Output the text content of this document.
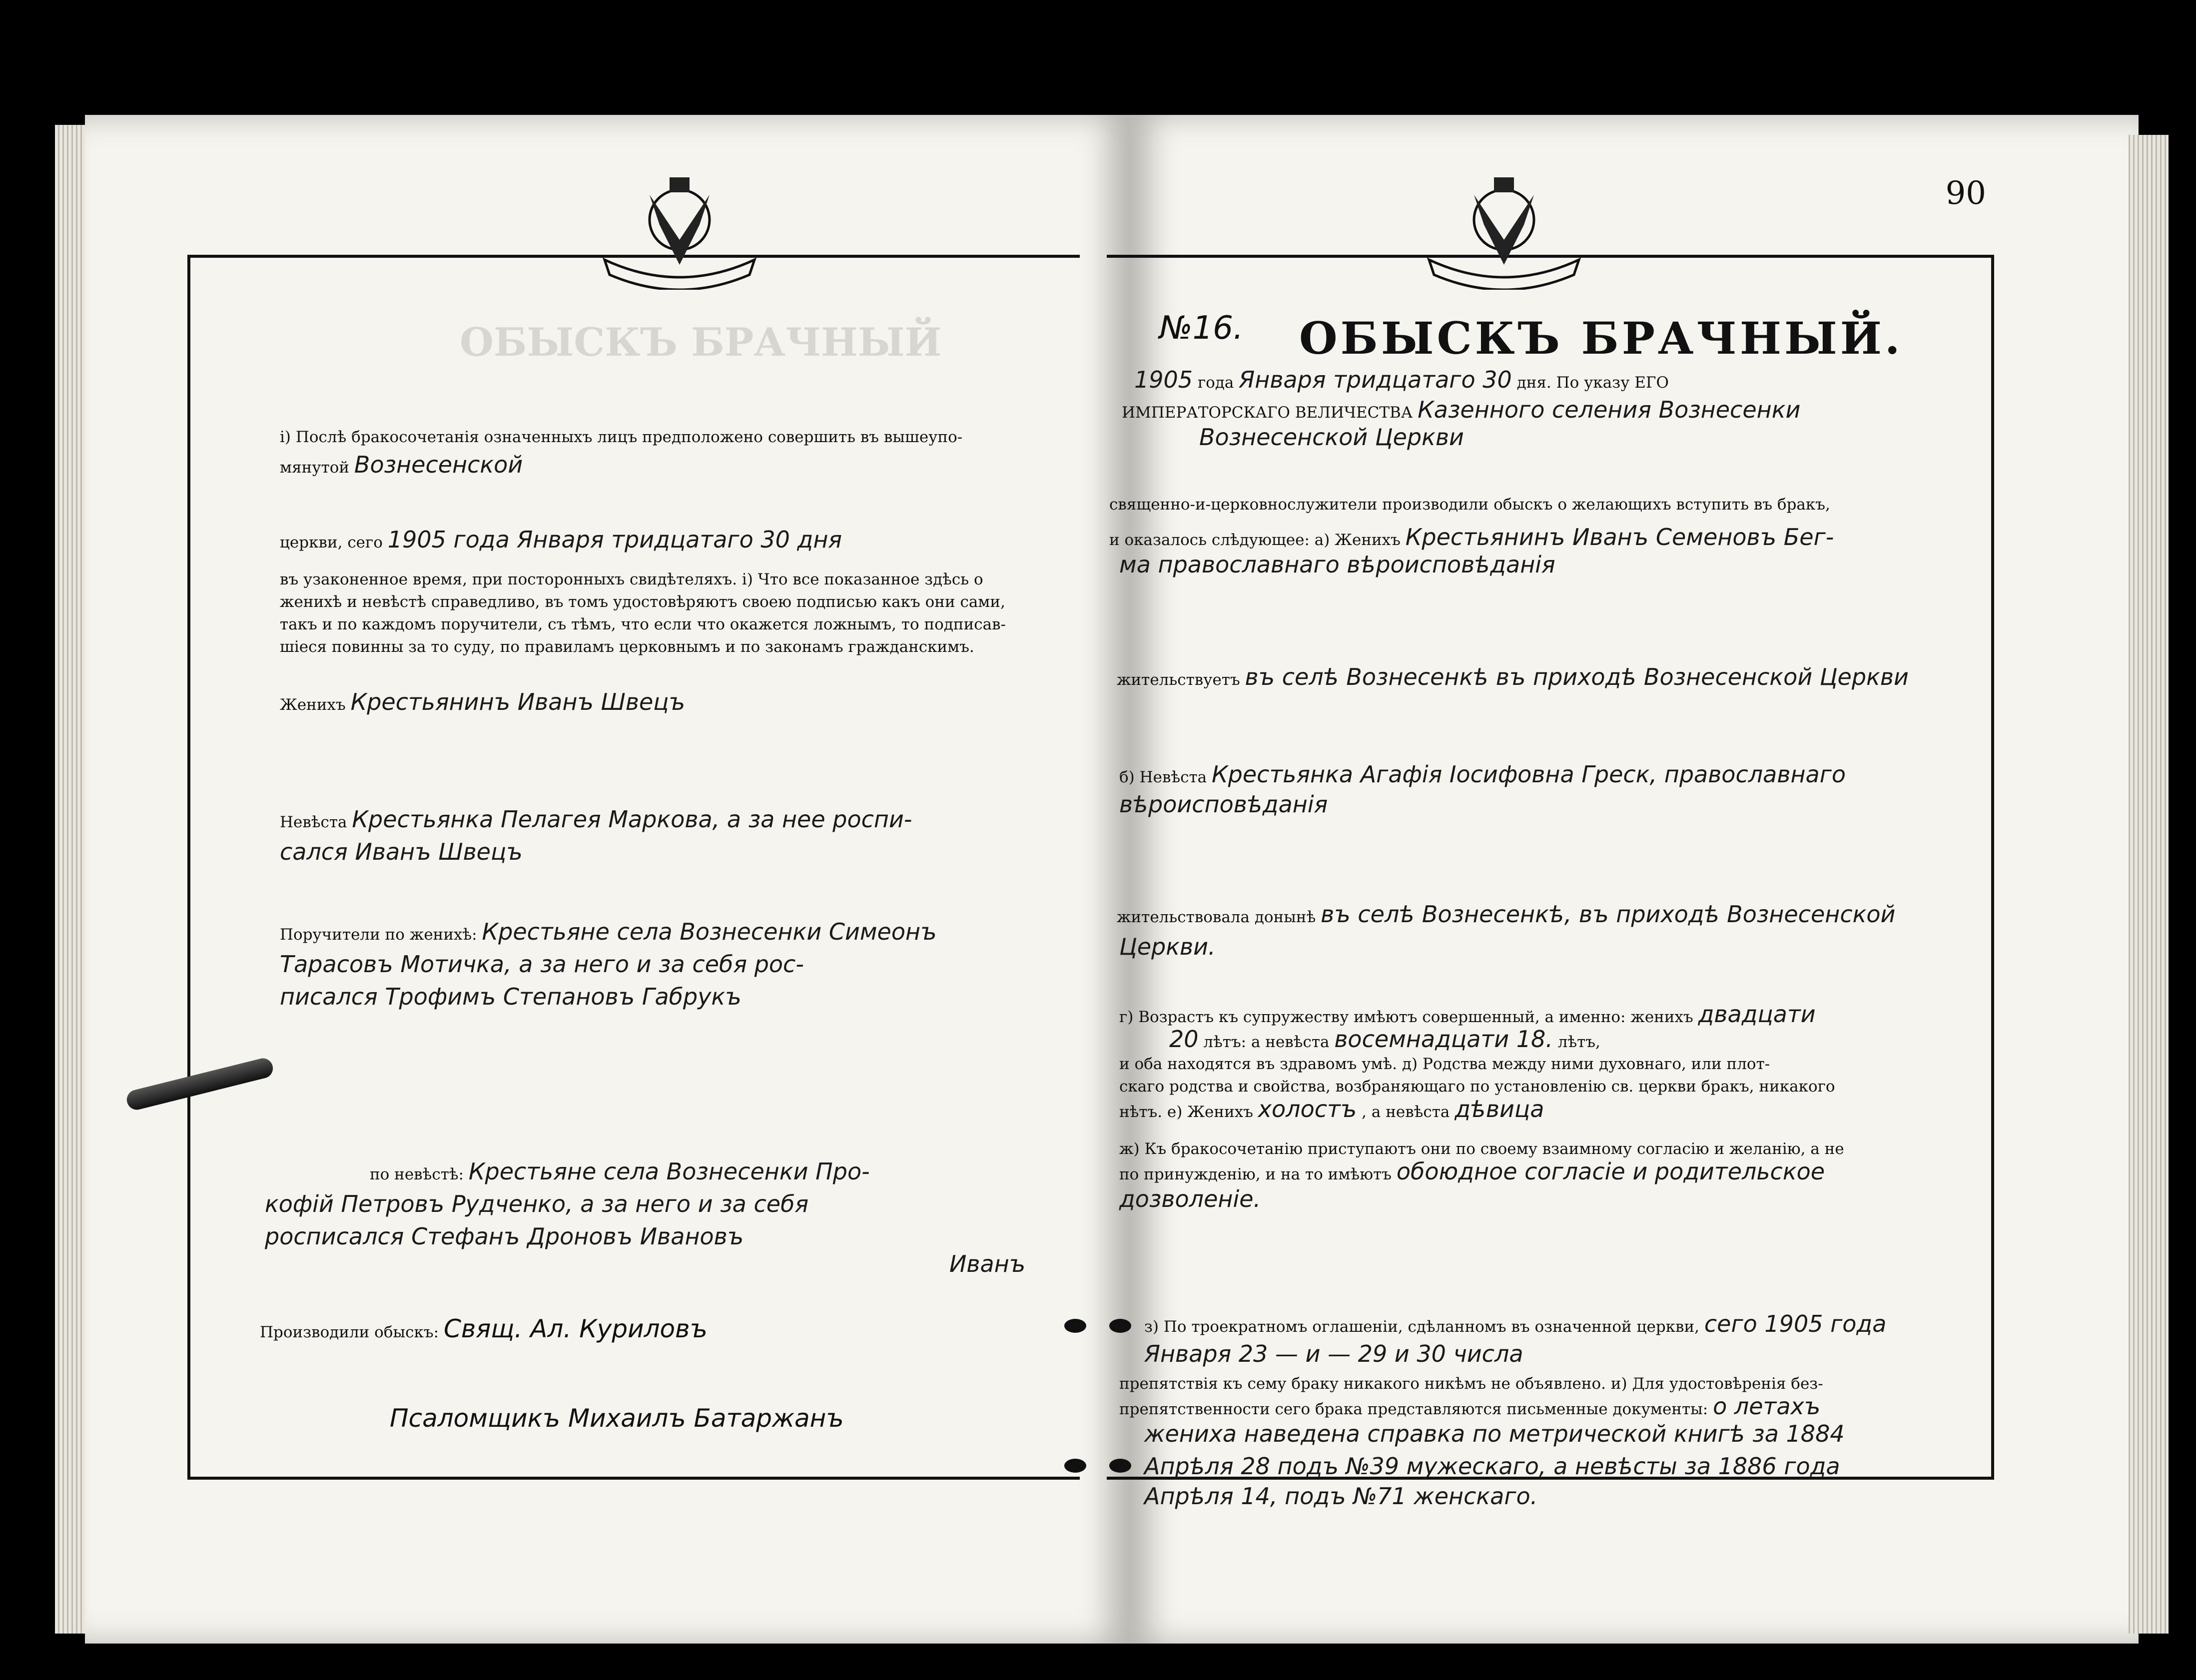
90
ОБЫСКЪ БРАЧНЫЙ	№16. ОБЫСКЪ БРАЧНЫЙ.
1905 года Января тридцатаго 30 дня. По указу ЕГО
ИМПЕРАТОРСКАГО ВЕЛИЧЕСТВА Казенного селения Вознесенки
Вознесенской Церкви
священно-и-церковнослужители производили обыскъ о желающихъ вступить въ бракъ,
и оказалось слѣдующее: а) Женихъ Крестьянинъ Иванъ Семеновъ Бег-
ма православнаго вѣроисповѣданія
жительствуетъ въ селѣ Вознесенкѣ въ приходѣ Вознесенской Церкви
б) Невѣста Крестьянка Агафія Іосифовна Греск, православнаго
вѣроисповѣданія
жительствовала донынѣ въ селѣ Вознесенкѣ, въ приходѣ Вознесенской
Церкви.
г) Возрастъ къ супружеству имѣютъ совершенный, а именно: женихъ двадцати
20 лѣтъ: а невѣста восемнадцати 18. лѣтъ,
и оба находятся въ здравомъ умѣ. д) Родства между ними духовнаго, или плот-
скаго родства и свойства, возбраняющаго по установленію св. церкви бракъ, никакого
нѣтъ. е) Женихъ холостъ , а невѣста дѣвица
ж) Къ бракосочетанію приступаютъ они по своему взаимному согласію и желанію, а не
по принужденію, и на то имѣютъ обоюдное согласіе и родительское
дозволеніе.
з) По троекратномъ оглашеніи, сдѣланномъ въ означенной церкви, сего 1905 года
Января 23 — и — 29 и 30 числа
препятствія къ сему браку никакого никѣмъ не объявлено. и) Для удостовѣренія без-
препятственности сего брака представляются письменные документы: о летахъ
жениха наведена справка по метрической книгѣ за 1884
Апрѣля 28 подъ №39 мужескаго, а невѣсты за 1886 года
Апрѣля 14, подъ №71 женскаго.
і) Послѣ бракосочетанія означенныхъ лицъ предположено совершить въ вышеупо-
мянутой Вознесенской
церкви, сего 1905 года Января тридцатаго 30 дня
въ узаконенное время, при посторонныхъ свидѣтеляхъ. і) Что все показанное здѣсь о
женихѣ и невѣстѣ справедливо, въ томъ удостовѣряютъ своею подписью какъ они сами,
такъ и по каждомъ поручители, съ тѣмъ, что если что окажется ложнымъ, то подписав-
шіеся повинны за то суду, по правиламъ церковнымъ и по законамъ гражданскимъ.
Женихъ Крестьянинъ Иванъ Швецъ
Невѣста Крестьянка Пелагея Маркова, а за нее роспи-
сался Иванъ Швецъ
Поручители по женихѣ: Крестьяне села Вознесенки Симеонъ
Тарасовъ Мотичка, а за него и за себя рос-
писался Трофимъ Степановъ Габрукъ
по невѣстѣ: Крестьяне села Вознесенки Про-
кофій Петровъ Рудченко, а за него и за себя
росписался Стефанъ Дроновъ Ивановъ
Иванъ
Производили обыскъ: Свящ. Ал. Куриловъ
Псаломщикъ Михаилъ Батаржанъ
